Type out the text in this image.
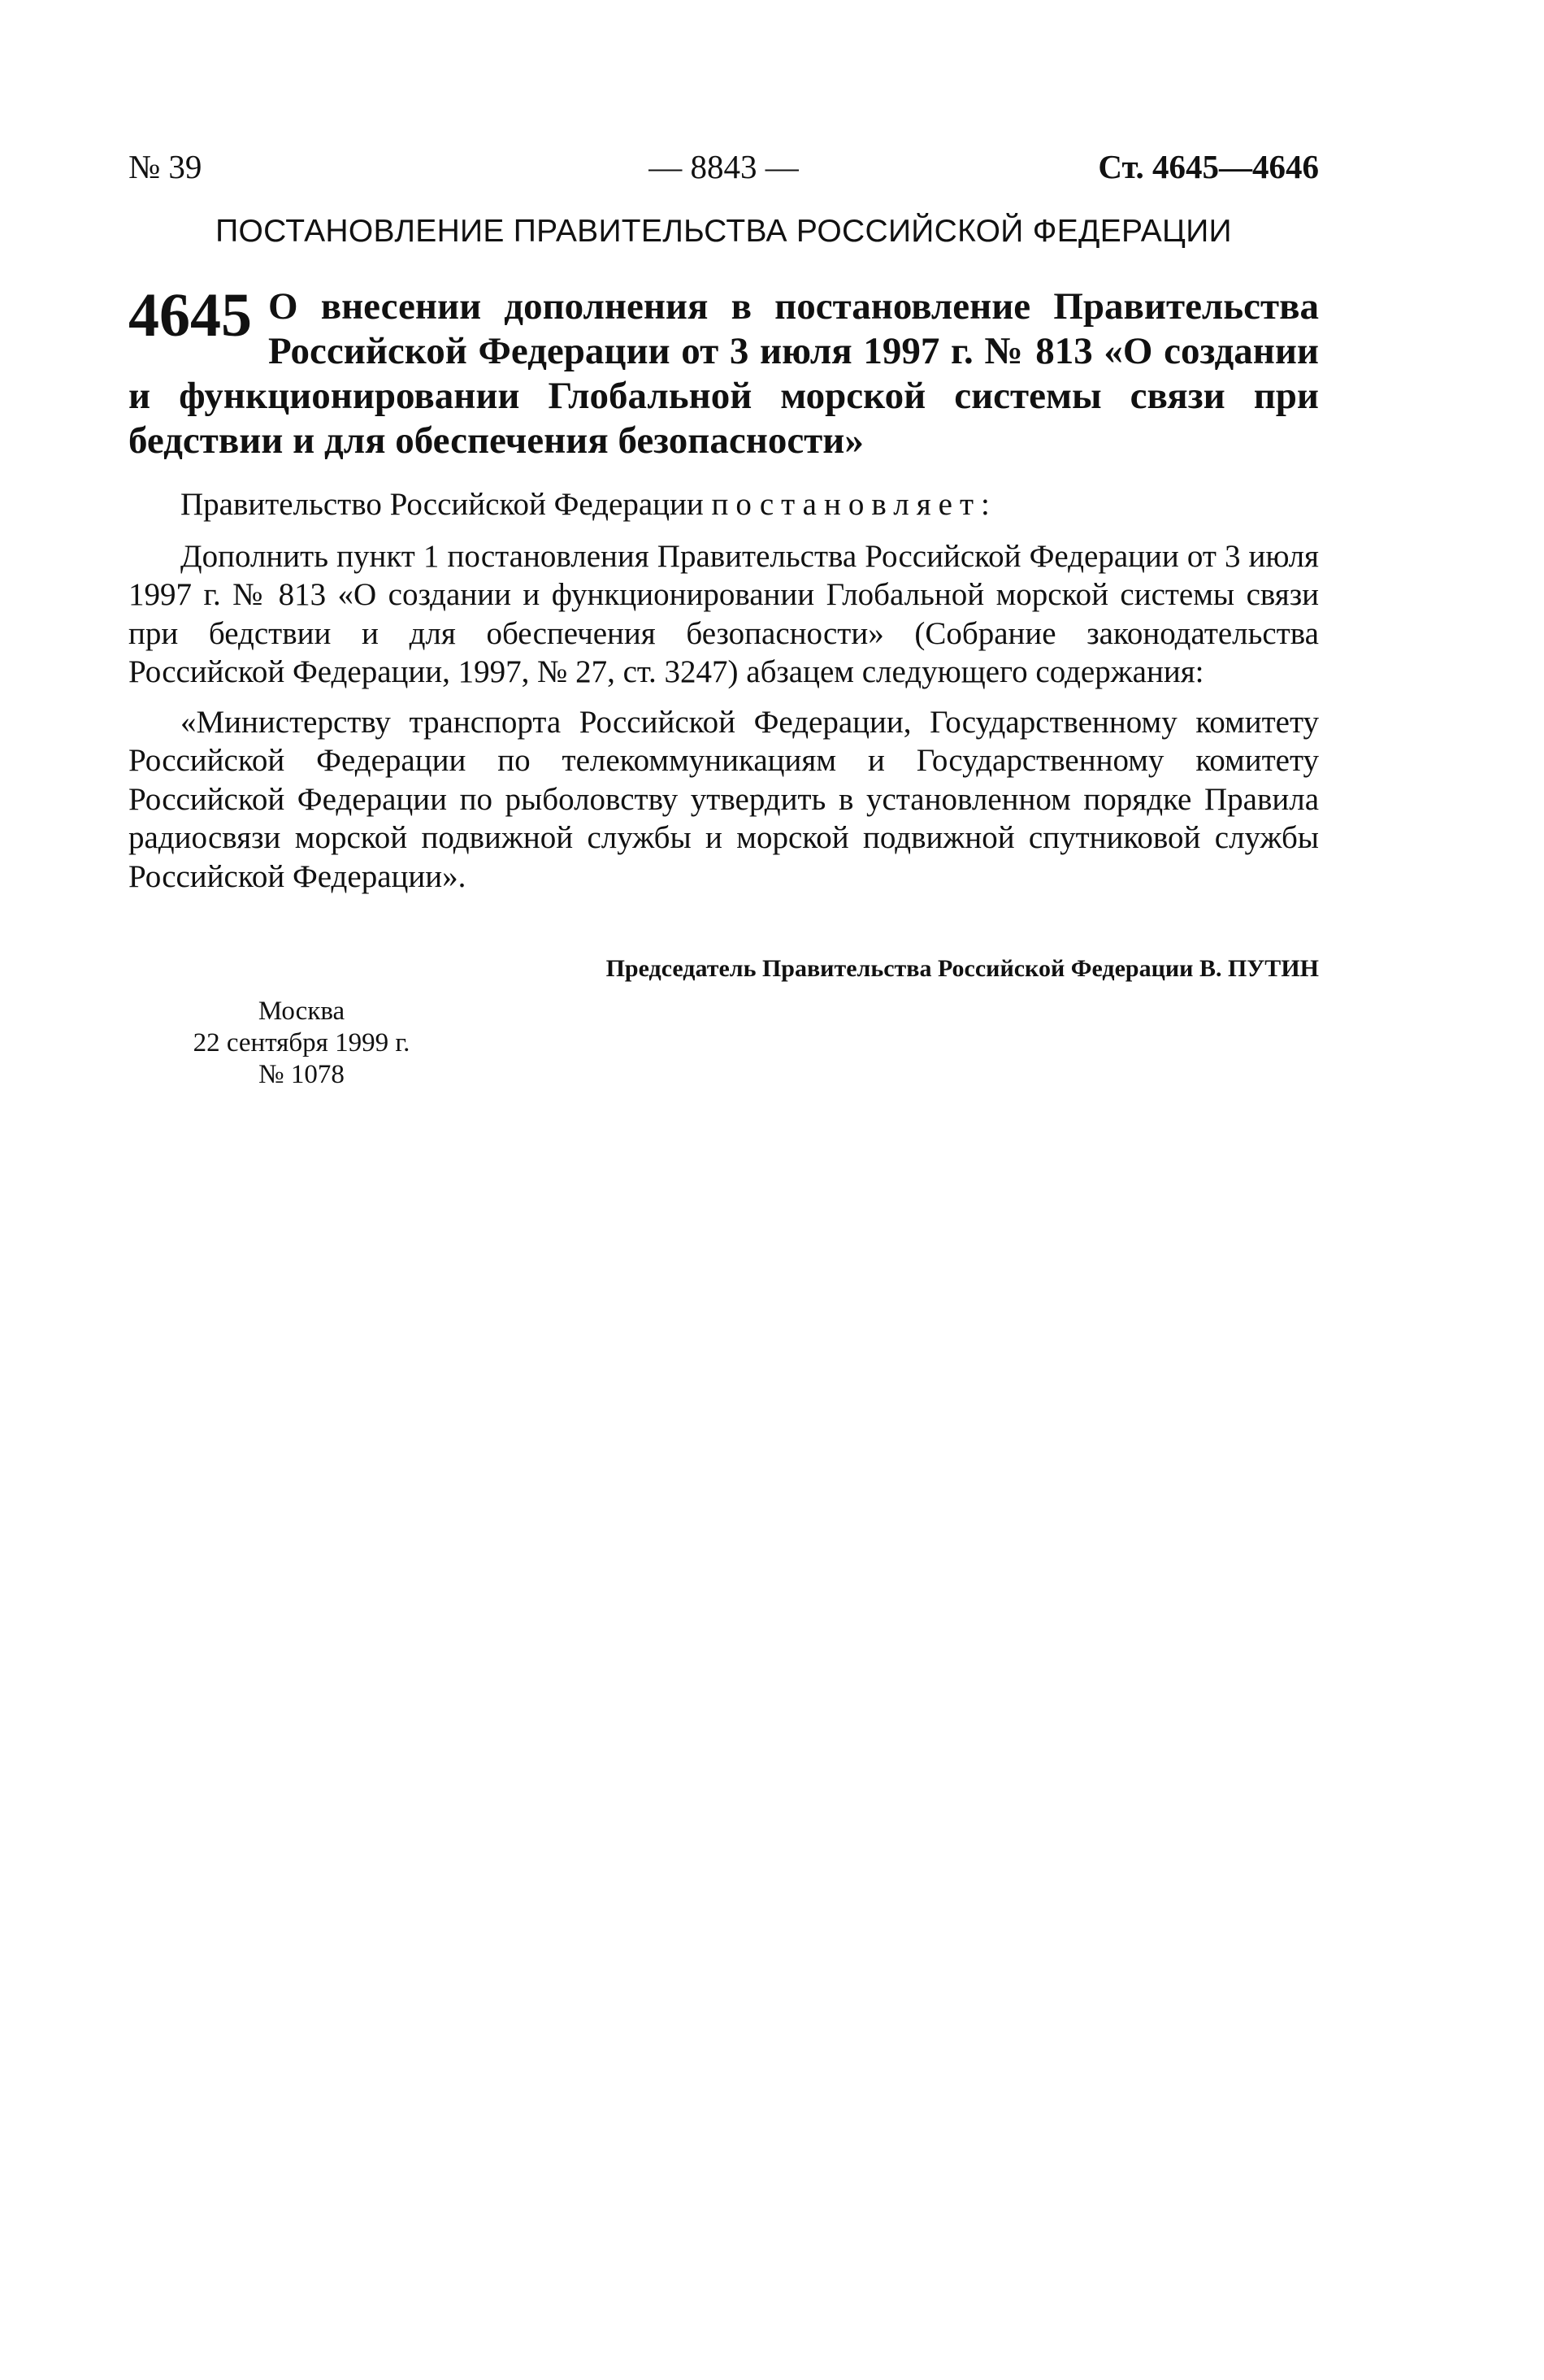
№ 39	— 8843 —	Ст. 4645—4646
ПОСТАНОВЛЕНИЕ ПРАВИТЕЛЬСТВА РОССИЙСКОЙ ФЕДЕРАЦИИ
4645 О внесении дополнения в постановление Правительства Российской Федерации от 3 июля 1997 г. № 813 «О создании и функционировании Глобальной морской системы связи при бедствии и для обеспечения безопасности»

Правительство Российской Федерации постановляет:

Дополнить пункт 1 постановления Правительства Российской Федерации от 3 июля 1997 г. № 813 «О создании и функционировании Глобальной морской системы связи при бедствии и для обеспечения безопасности» (Собрание законодательства Российской Федерации, 1997, № 27, ст. 3247) абзацем следующего содержания:

«Министерству транспорта Российской Федерации, Государственному комитету Российской Федерации по телекоммуникациям и Государственному комитету Российской Федерации по рыболовству утвердить в установленном порядке Правила радиосвязи морской подвижной службы и морской подвижной спутниковой службы Российской Федерации».

Председатель Правительства Российской Федерации В. ПУТИН
Москва
22 сентября 1999 г.
№ 1078
